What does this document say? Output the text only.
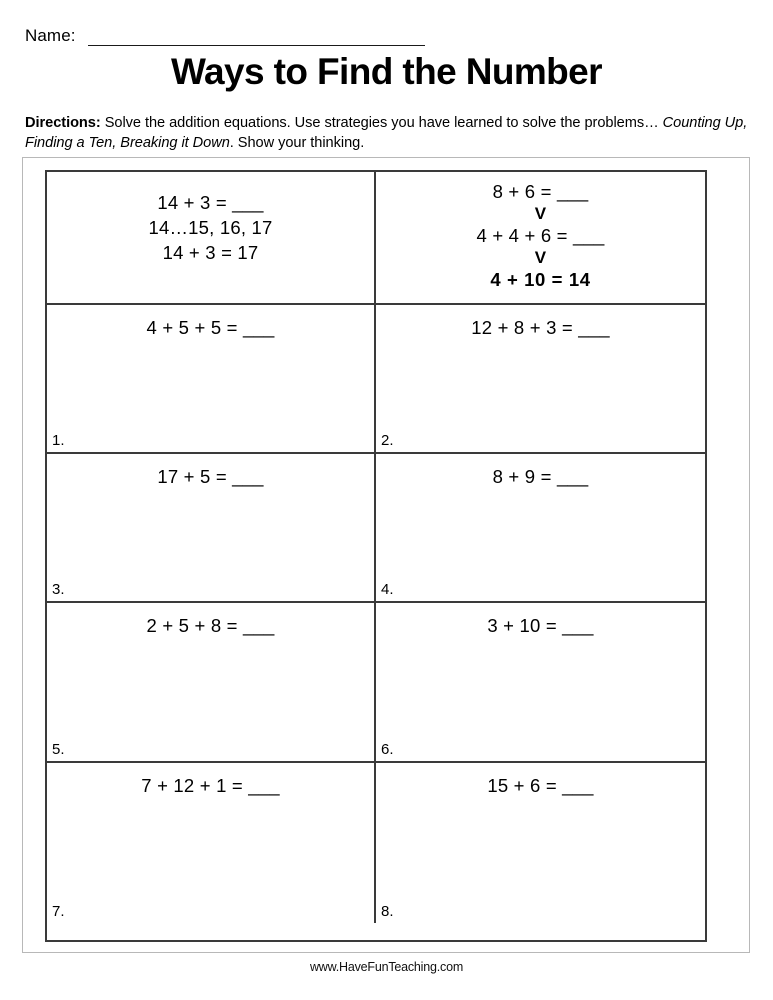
Name:
Ways to Find the Number
Directions: Solve the addition equations. Use strategies you have learned to solve the problems… Counting Up, Finding a Ten, Breaking it Down. Show your thinking.
14 + 3 = ___
14…15, 16, 17
14 + 3 = 17
8 + 6 = ___
V
4 + 4 + 6 = ___
V
4 + 10 = 14
4 + 5 + 5 = ___
1.
12 + 8 + 3 = ___
2.
17 + 5 = ___
3.
8 + 9 = ___
4.
2 + 5 + 8 = ___
5.
3 + 10 = ___
6.
7 + 12 + 1 = ___
7.
15 + 6 = ___
8.
www.HaveFunTeaching.com
